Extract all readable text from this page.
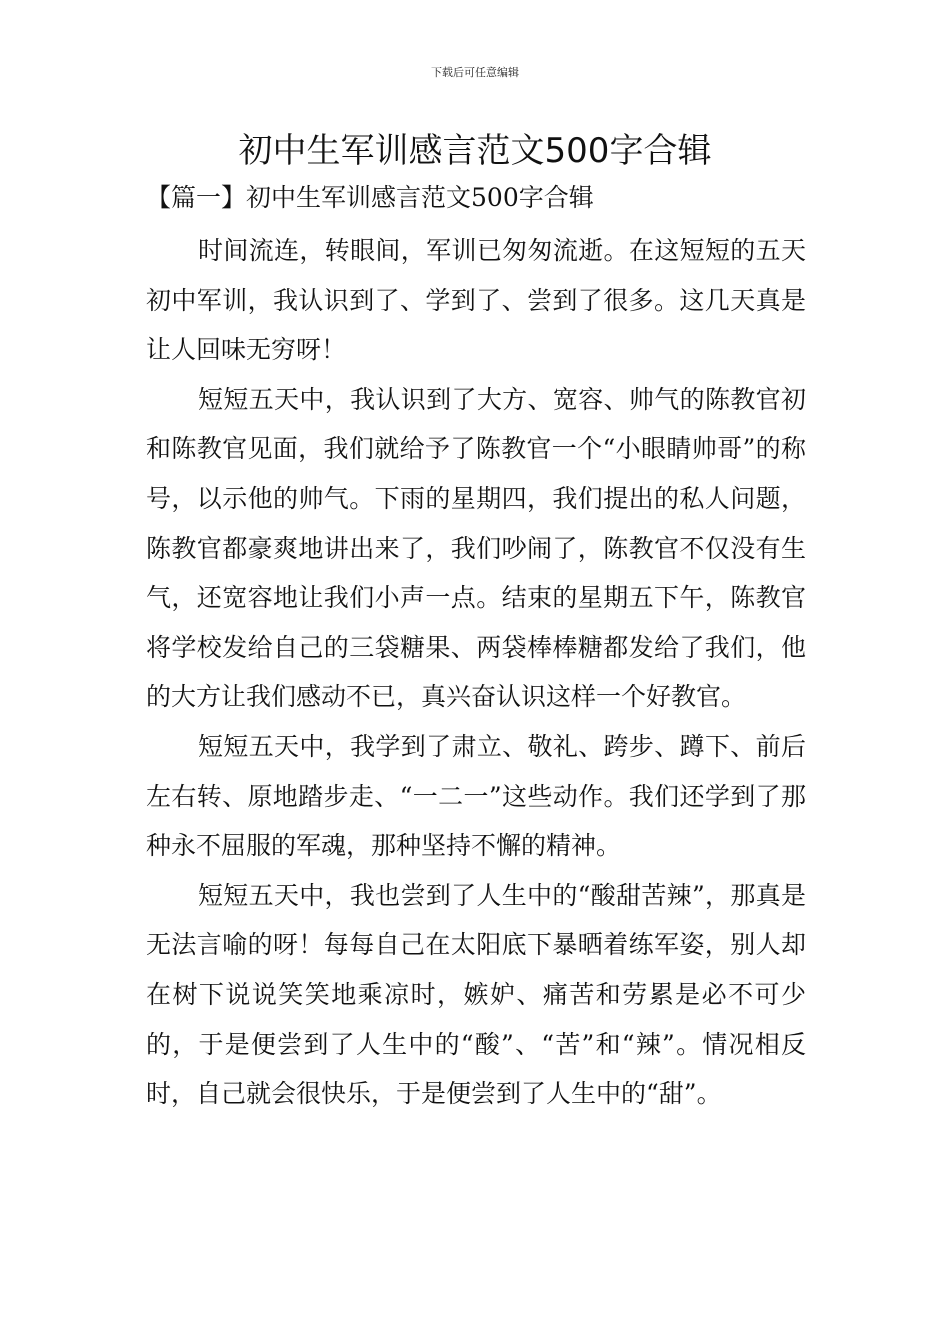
下载后可任意编辑
初中生军训感言范文500字合辑
【篇一】初中生军训感言范文500字合辑

时间流连，转眼间，军训已匆匆流逝。在这短短的五天初中军训，我认识到了、学到了、尝到了很多。这几天真是让人回味无穷呀！

短短五天中，我认识到了大方、宽容、帅气的陈教官初和陈教官见面，我们就给予了陈教官一个“小眼睛帅哥”的称号，以示他的帅气。下雨的星期四，我们提出的私人问题，陈教官都豪爽地讲出来了，我们吵闹了，陈教官不仅没有生气，还宽容地让我们小声一点。结束的星期五下午，陈教官将学校发给自己的三袋糖果、两袋棒棒糖都发给了我们，他的大方让我们感动不已，真兴奋认识这样一个好教官。

短短五天中，我学到了肃立、敬礼、跨步、蹲下、前后左右转、原地踏步走、“一二一”这些动作。我们还学到了那种永不屈服的军魂，那种坚持不懈的精神。

短短五天中，我也尝到了人生中的“酸甜苦辣”，那真是无法言喻的呀！每每自己在太阳底下暴晒着练军姿，别人却在树下说说笑笑地乘凉时，嫉妒、痛苦和劳累是必不可少的，于是便尝到了人生中的“酸”、“苦”和“辣”。情况相反时，自己就会很快乐，于是便尝到了人生中的“甜”。
